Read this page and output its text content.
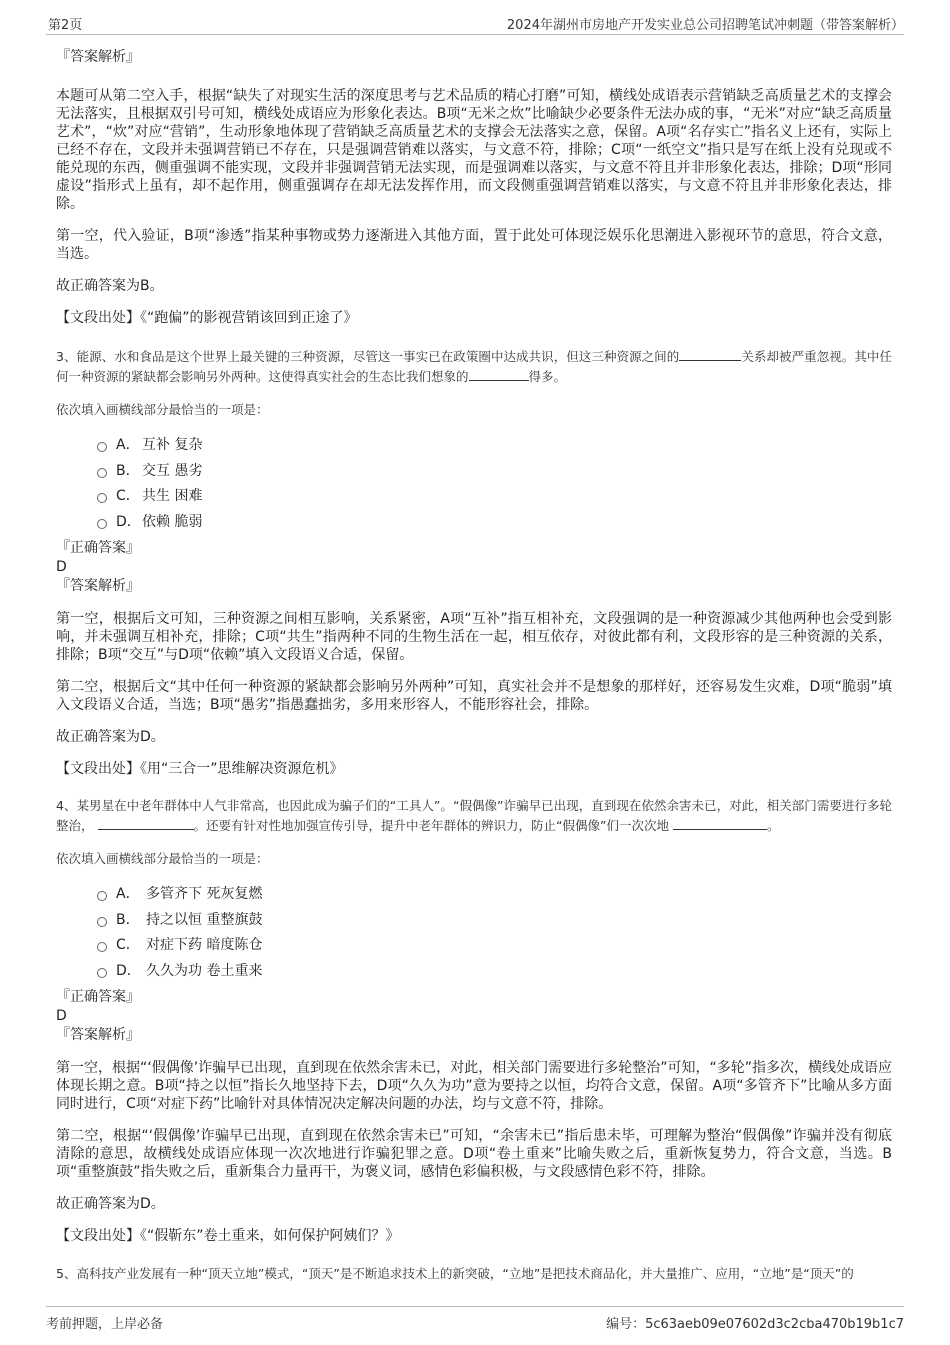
第2页	2024年湖州市房地产开发实业总公司招聘笔试冲刺题（带答案解析）

『答案解析』

本题可从第二空入手，根据“缺失了对现实生活的深度思考与艺术品质的精心打磨”可知，横线处成语表示营销缺乏高质量艺术的支撑会无法落实，且根据双引号可知，横线处成语应为形象化表达。B项“无米之炊”比喻缺少必要条件无法办成的事，“无米”对应“缺乏高质量艺术”，“炊”对应“营销”，生动形象地体现了营销缺乏高质量艺术的支撑会无法落实之意，保留。A项“名存实亡”指名义上还有，实际上已经不存在，文段并未强调营销已不存在，只是强调营销难以落实，与文意不符，排除；C项“一纸空文”指只是写在纸上没有兑现或不能兑现的东西，侧重强调不能实现，文段并非强调营销无法实现，而是强调难以落实，与文意不符且并非形象化表达，排除；D项“形同虚设”指形式上虽有，却不起作用，侧重强调存在却无法发挥作用，而文段侧重强调营销难以落实，与文意不符且并非形象化表达，排除。

第一空，代入验证，B项“渗透”指某种事物或势力逐渐进入其他方面，置于此处可体现泛娱乐化思潮进入影视环节的意思，符合文意，当选。

故正确答案为B。

【文段出处】《“跑偏”的影视营销该回到正途了》

3、能源、水和食品是这个世界上最关键的三种资源，尽管这一事实已在政策圈中达成共识，但这三种资源之间的	关系却被严重忽视。其中任何一种资源的紧缺都会影响另外两种。这使得真实社会的生态比我们想象的	得多。

依次填入画横线部分最恰当的一项是：

A． 互补 复杂
B． 交互 愚劣
C． 共生 困难
D．依赖 脆弱

『正确答案』

D

『答案解析』

第一空，根据后文可知，三种资源之间相互影响，关系紧密，A项“互补”指互相补充，文段强调的是一种资源减少其他两种也会受到影响，并未强调互相补充，排除；C项“共生”指两种不同的生物生活在一起，相互依存，对彼此都有利，文段形容的是三种资源的关系，排除；B项“交互”与D项“依赖”填入文段语义合适，保留。

第二空，根据后文“其中任何一种资源的紧缺都会影响另外两种”可知，真实社会并不是想象的那样好，还容易发生灾难，D项“脆弱”填入文段语义合适，当选；B项“愚劣”指愚蠢拙劣，多用来形容人，不能形容社会，排除。

故正确答案为D。

【文段出处】《用“三合一”思维解决资源危机》

4、某男星在中老年群体中人气非常高，也因此成为骗子们的“工具人”。“假偶像”诈骗早已出现，直到现在依然余害未已，对此，相关部门需要进行多轮整治，	。还要有针对性地加强宣传引导，提升中老年群体的辨识力，防止“假偶像”们一次次地	。

依次填入画横线部分最恰当的一项是：

A． 多管齐下 死灰复燃
B． 持之以恒 重整旗鼓
C． 对症下药 暗度陈仓
D． 久久为功 卷土重来

『正确答案』

D

『答案解析』

第一空，根据“‘假偶像’诈骗早已出现，直到现在依然余害未已，对此，相关部门需要进行多轮整治”可知，“多轮”指多次，横线处成语应体现长期之意。B项“持之以恒”指长久地坚持下去，D项“久久为功”意为要持之以恒，均符合文意，保留。A项“多管齐下”比喻从多方面同时进行，C项“对症下药”比喻针对具体情况决定解决问题的办法，均与文意不符，排除。

第二空，根据“‘假偶像’诈骗早已出现，直到现在依然余害未已”可知，“余害未已”指后患未毕，可理解为整治“假偶像”诈骗并没有彻底清除的意思，故横线处成语应体现一次次地进行诈骗犯罪之意。D项“卷土重来”比喻失败之后，重新恢复势力，符合文意，当选。B项“重整旗鼓”指失败之后，重新集合力量再干，为褒义词，感情色彩偏积极，与文段感情色彩不符，排除。

故正确答案为D。

【文段出处】《“假靳东”卷土重来，如何保护阿姨们？》

5、高科技产业发展有一种“顶天立地”模式，“顶天”是不断追求技术上的新突破，“立地”是把技术商品化，并大量推广、应用，“立地”是“顶天”的

考前押题，上岸必备	编号：5c63aeb09e07602d3c2cba470b19b1c7
